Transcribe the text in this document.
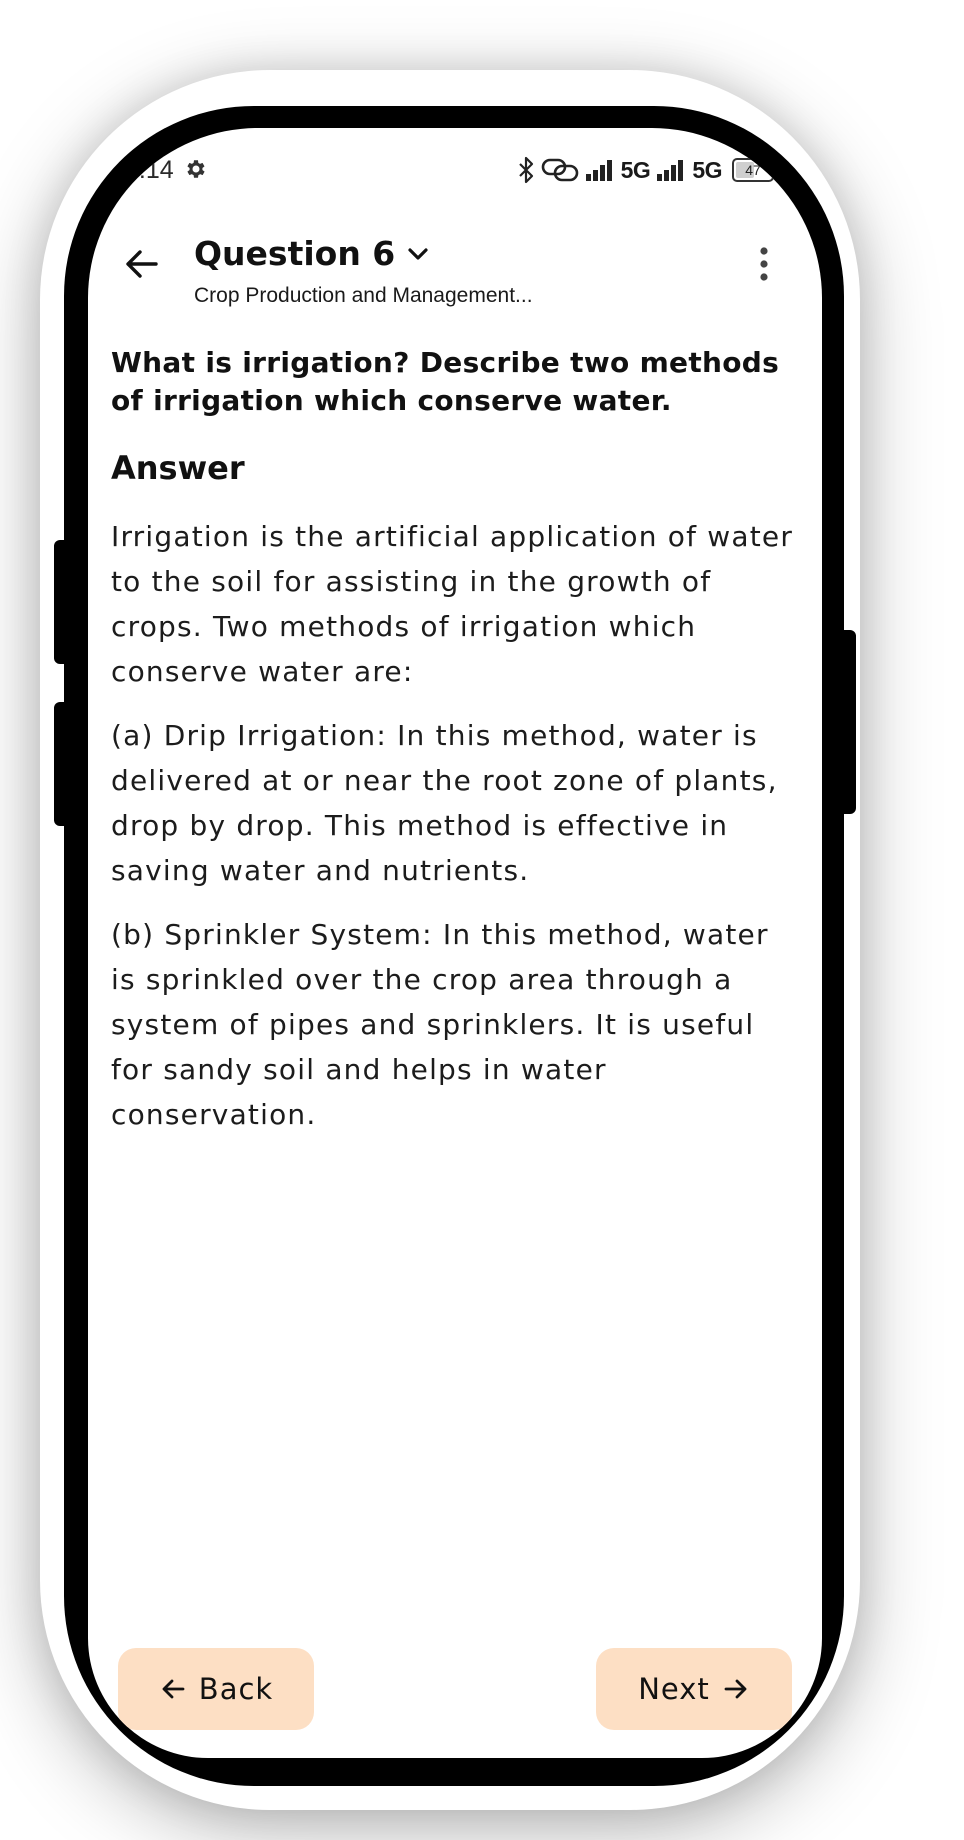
5:14	5G 5G 47
Question 6
Crop Production and Management...
What is irrigation? Describe two methods of irrigation which conserve water.
Answer

Irrigation is the artificial application of water to the soil for assisting in the growth of crops. Two methods of irrigation which conserve water are:

(a) Drip Irrigation: In this method, water is delivered at or near the root zone of plants, drop by drop. This method is effective in saving water and nutrients.

(b) Sprinkler System: In this method, water is sprinkled over the crop area through a system of pipes and sprinklers. It is useful for sandy soil and helps in water conservation.

Back	Next
